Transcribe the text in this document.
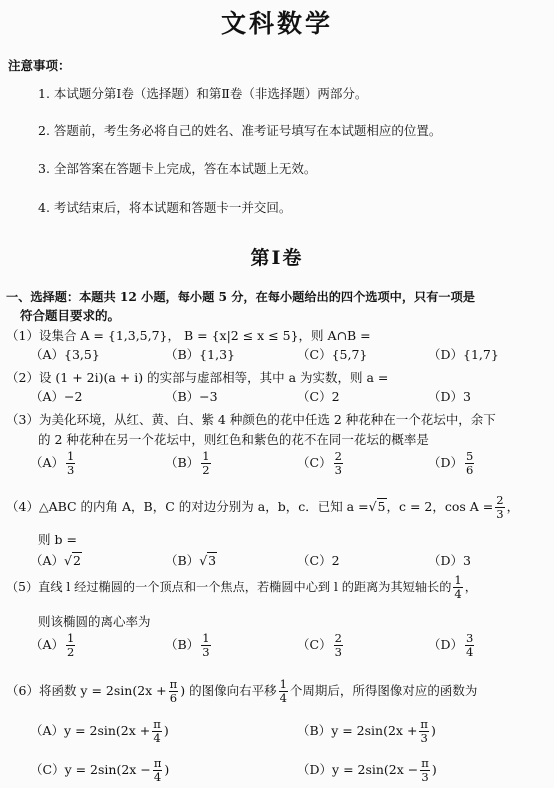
文科数学
注意事项：
1. 本试题分第Ⅰ卷（选择题）和第Ⅱ卷（非选择题）两部分。
2. 答题前，考生务必将自己的姓名、准考证号填写在本试题相应的位置。
3. 全部答案在答题卡上完成，答在本试题上无效。
4. 考试结束后，将本试题和答题卡一并交回。
第Ⅰ卷
一、选择题：本题共 12 小题，每小题 5 分，在每小题给出的四个选项中，只有一项是
符合题目要求的。
（1）设集合 A = {1,3,5,7}， B = {x|2 ≤ x ≤ 5}，则 A∩B =
（A）{3,5}	（B）{1,3}	（C）{5,7}	（D）{1,7}
（2）设 (1 + 2i)(a + i) 的实部与虚部相等，其中 a 为实数，则 a =
（A）−2	（B）−3	（C）2	（D）3
（3）为美化环境，从红、黄、白、紫 4 种颜色的花中任选 2 种花种在一个花坛中，余下
的 2 种花种在另一个花坛中，则红色和紫色的花不在同一花坛的概率是
$(A) \frac{1}{3}$	$(B) \frac{1}{2}$	$(C) \frac{2}{3}$	$(D) \frac{5}{6}$
（4）△ABC 的内角 A，B，C 的对边分别为 a，b，c．已知 a =√5，c = 2，$\cos A = \frac{2}{3}$ ，
则 b =
（A）√2	（B）√3	（C）2	（D）3
（5）直线 l 经过椭圆的一个顶点和一个焦点，若椭圆中心到 l 的距离为其短轴长的 $\frac{1}{4}$ ，
则该椭圆的离心率为
$(A) \frac{1}{2}$	$(B) \frac{1}{3}$	$(C) \frac{2}{3}$	$(D) \frac{3}{4}$
（6）将函数 $y = 2\sin(2x + \frac{\pi}{6}$ ) 的图像向右平移 $\frac{1}{4}$ 个周期后，所得图像对应的函数为
$(A)y = 2\sin(2x + \frac{\pi}{4}$ )	$(B)y = 2\sin(2x + \frac{\pi}{3}$ )
$(C)y = 2\sin(2x - \frac{\pi}{4}$ )	$(D)y = 2\sin(2x - \frac{\pi}{3}$ )
